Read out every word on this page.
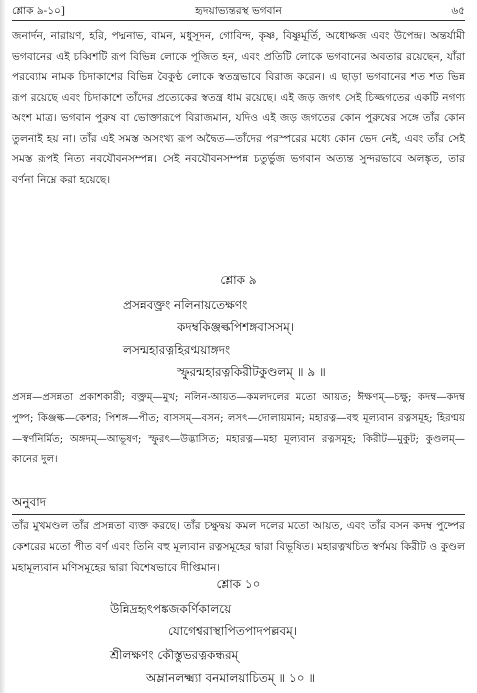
শ্লোক ৯-১০]	হৃদয়াভ্যন্তরস্থ ভগবান	৬৫
জনার্দন, নারায়ণ, হরি, পদ্মনাভ, বামন, মধুসূদন, গোবিন্দ, কৃষ্ণ, বিষ্ণুমূর্তি, অধোক্ষজ এবং উপেন্দ্র। অন্তর্যামী ভগবানের এই চব্বিশটি রূপ বিভিন্ন লোকে পূজিত হন, এবং প্রতিটি লোকে ভগবানের অবতার রয়েছেন, যাঁরা পরব্যোম নামক চিদাকাশের বিভিন্ন বৈকুণ্ঠ লোকে স্বতন্ত্রভাবে বিরাজ করেন। এ ছাড়া ভগবানের শত শত ভিন্ন রূপ রয়েছে এবং চিদাকাশে তাঁদের প্রত্যেকের স্বতন্ত্র ধাম রয়েছে। এই জড় জগৎ সেই চিজ্জগতের একটি নগণ্য অংশ মাত্র। ভগবান পুরুষ বা ভোক্তারূপে বিরাজমান, যদিও এই জড় জগতের কোন পুরুষের সঙ্গে তাঁর কোন তুলনাই হয় না। তাঁর এই সমস্ত অসংখ্য রূপ অদ্বৈত—তাঁদের পরস্পরের মধ্যে কোন ভেদ নেই, এবং তাঁর সেই সমস্ত রূপই নিত্য নবযৌবনসম্পন্ন। সেই নবযৌবনসম্পন্ন চতুর্ভুজ ভগবান অত্যন্ত সুন্দরভাবে অলঙ্কৃত, তার বর্ণনা নিম্নে করা হয়েছে।
শ্লোক ৯
প্রসন্নবক্ত্রং নলিনায়তেক্ষণং
কদম্বকিঞ্জল্কপিশঙ্গবাসসম্।
লসন্মহারত্নহিরণ্ময়াঙ্গদং
স্ফুরন্মহারত্নকিরীটকুণ্ডলম্ ॥ ৯ ॥
প্রসন্ন—প্রসন্নতা প্রকাশকারী; বক্ত্রম্—মুখ; নলিন-আয়ত—কমলদলের মতো আয়ত; ঈক্ষণম্—চক্ষু; কদম্ব—কদম্ব পুষ্প; কিঞ্জল্ক—কেশর; পিশঙ্গ—পীত; বাসসম্—বসন; লসৎ—দোলায়মান; মহারত্ন—বহু মূল্যবান রত্নসমূহ; হিরণ্ময়—স্বর্ণনির্মিত; অঙ্গদম্—আভূষণ; স্ফুরৎ—উদ্ভাসিত; মহারত্ন—মহা মূল্যবান রত্নসমূহ; কিরীট—মুকুট; কুণ্ডলম্—কানের দুল।
অনুবাদ
তাঁর মুখমণ্ডল তাঁর প্রসন্নতা ব্যক্ত করছে। তাঁর চক্ষুদ্বয় কমল দলের মতো আয়ত, এবং তাঁর বসন কদম্ব পুষ্পের কেশরের মতো পীত বর্ণ এবং তিনি বহু মূল্যবান রত্নসমূহের দ্বারা বিভূষিত। মহারত্নখচিত স্বর্ণময় কিরীট ও কুণ্ডল মহামূল্যবান মণিসমূহের দ্বারা বিশেষভাবে দীপ্তিমান।
শ্লোক ১০
উন্নিদ্রহৃৎপঙ্কজকর্ণিকালয়ে
যোগেশ্বরাস্থাপিতপাদপল্লবম্।
শ্রীলক্ষণং কৌস্তুভরত্নকন্ধরম্
অম্লানলক্ষ্ম্যা বনমালয়াচিতম্ ॥ ১০ ॥
